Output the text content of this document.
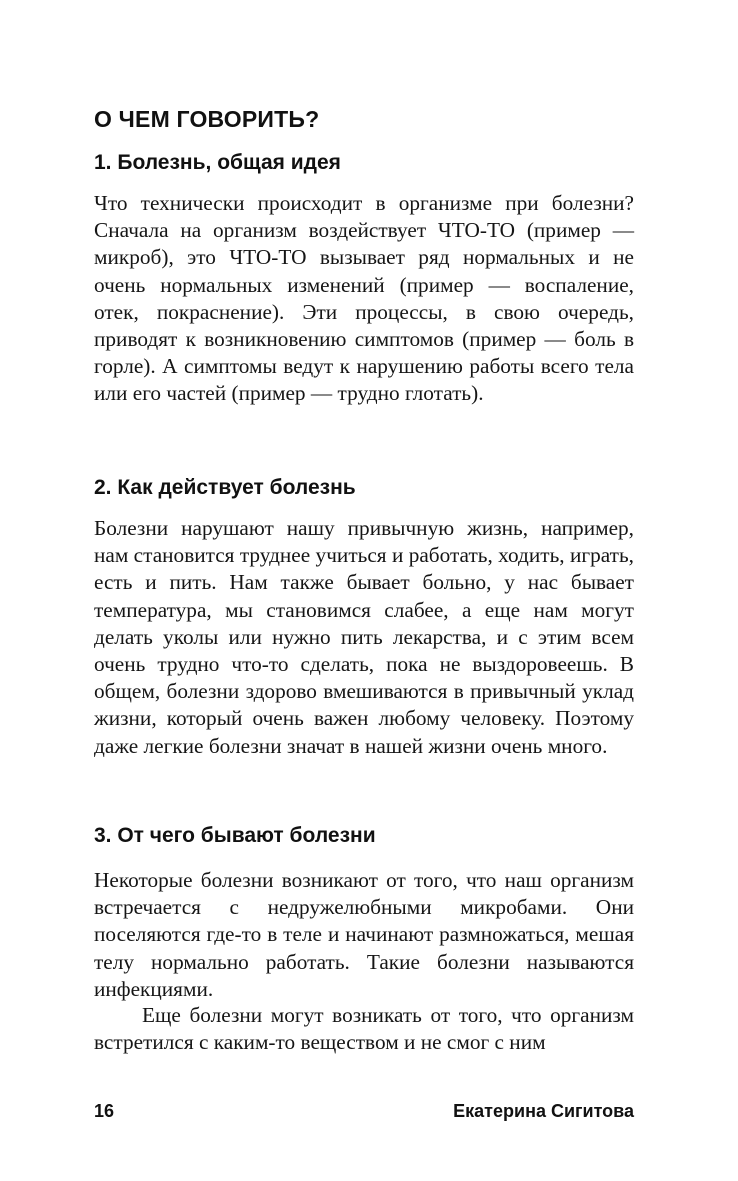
О ЧЕМ ГОВОРИТЬ?
1. Болезнь, общая идея

Что технически происходит в организме при болезни? Сначала на организм воздействует ЧТО-ТО (пример — микроб), это ЧТО-ТО вызывает ряд нормальных и не очень нормальных изменений (пример — воспаление, отек, покраснение). Эти процессы, в свою очередь, приводят к возникновению симптомов (пример — боль в горле). А симптомы ведут к нарушению работы всего тела или его частей (пример — трудно глотать).

2. Как действует болезнь

Болезни нарушают нашу привычную жизнь, например, нам становится труднее учиться и работать, ходить, играть, есть и пить. Нам также бывает больно, у нас бывает температура, мы становимся слабее, а еще нам могут делать уколы или нужно пить лекарства, и с этим всем очень трудно что-то сделать, пока не выздоровеешь. В общем, болезни здорово вмешиваются в привычный уклад жизни, который очень важен любому человеку. Поэтому даже легкие болезни значат в нашей жизни очень много.

3. От чего бывают болезни

Некоторые болезни возникают от того, что наш организм встречается с недружелюбными микробами. Они поселяются где-то в теле и начинают размножаться, мешая телу нормально работать. Такие болезни называются инфекциями.

Еще болезни могут возникать от того, что организм встретился с каким-то веществом и не смог с ним

16	Екатерина Сигитова
